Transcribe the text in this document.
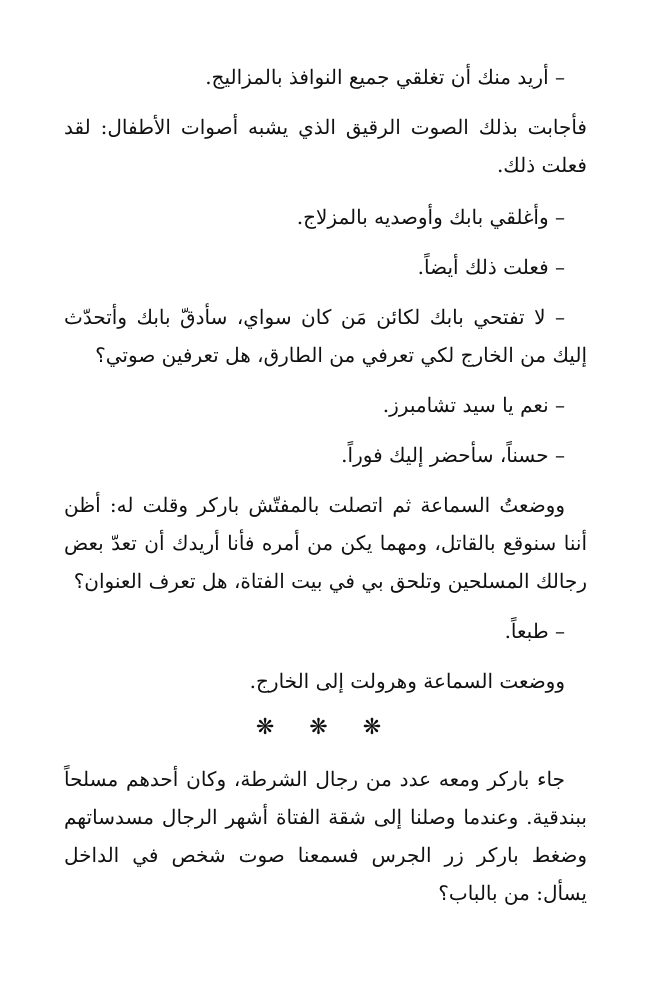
– أريد منك أن تغلقي جميع النوافذ بالمزاليج.

فأجابت بذلك الصوت الرقيق الذي يشبه أصوات الأطفال: لقد فعلت ذلك.

– وأغلقي بابك وأوصديه بالمزلاج.

– فعلت ذلك أيضاً.

– لا تفتحي بابك لكائن مَن كان سواي، سأدقّ بابك وأتحدّث إليك من الخارج لكي تعرفي من الطارق، هل تعرفين صوتي؟

– نعم يا سيد تشامبرز.

– حسناً، سأحضر إليك فوراً.

ووضعتُ السماعة ثم اتصلت بالمفتّش باركر وقلت له: أظن أننا سنوقع بالقاتل، ومهما يكن من أمره فأنا أريدك أن تعدّ بعض رجالك المسلحين وتلحق بي في بيت الفتاة، هل تعرف العنوان؟

– طبعاً.

ووضعت السماعة وهرولت إلى الخارج.

❋ ❋ ❋

جاء باركر ومعه عدد من رجال الشرطة، وكان أحدهم مسلحاً ببندقية. وعندما وصلنا إلى شقة الفتاة أشهر الرجال مسدساتهم وضغط باركر زر الجرس فسمعنا صوت شخص في الداخل يسأل: من بالباب؟
